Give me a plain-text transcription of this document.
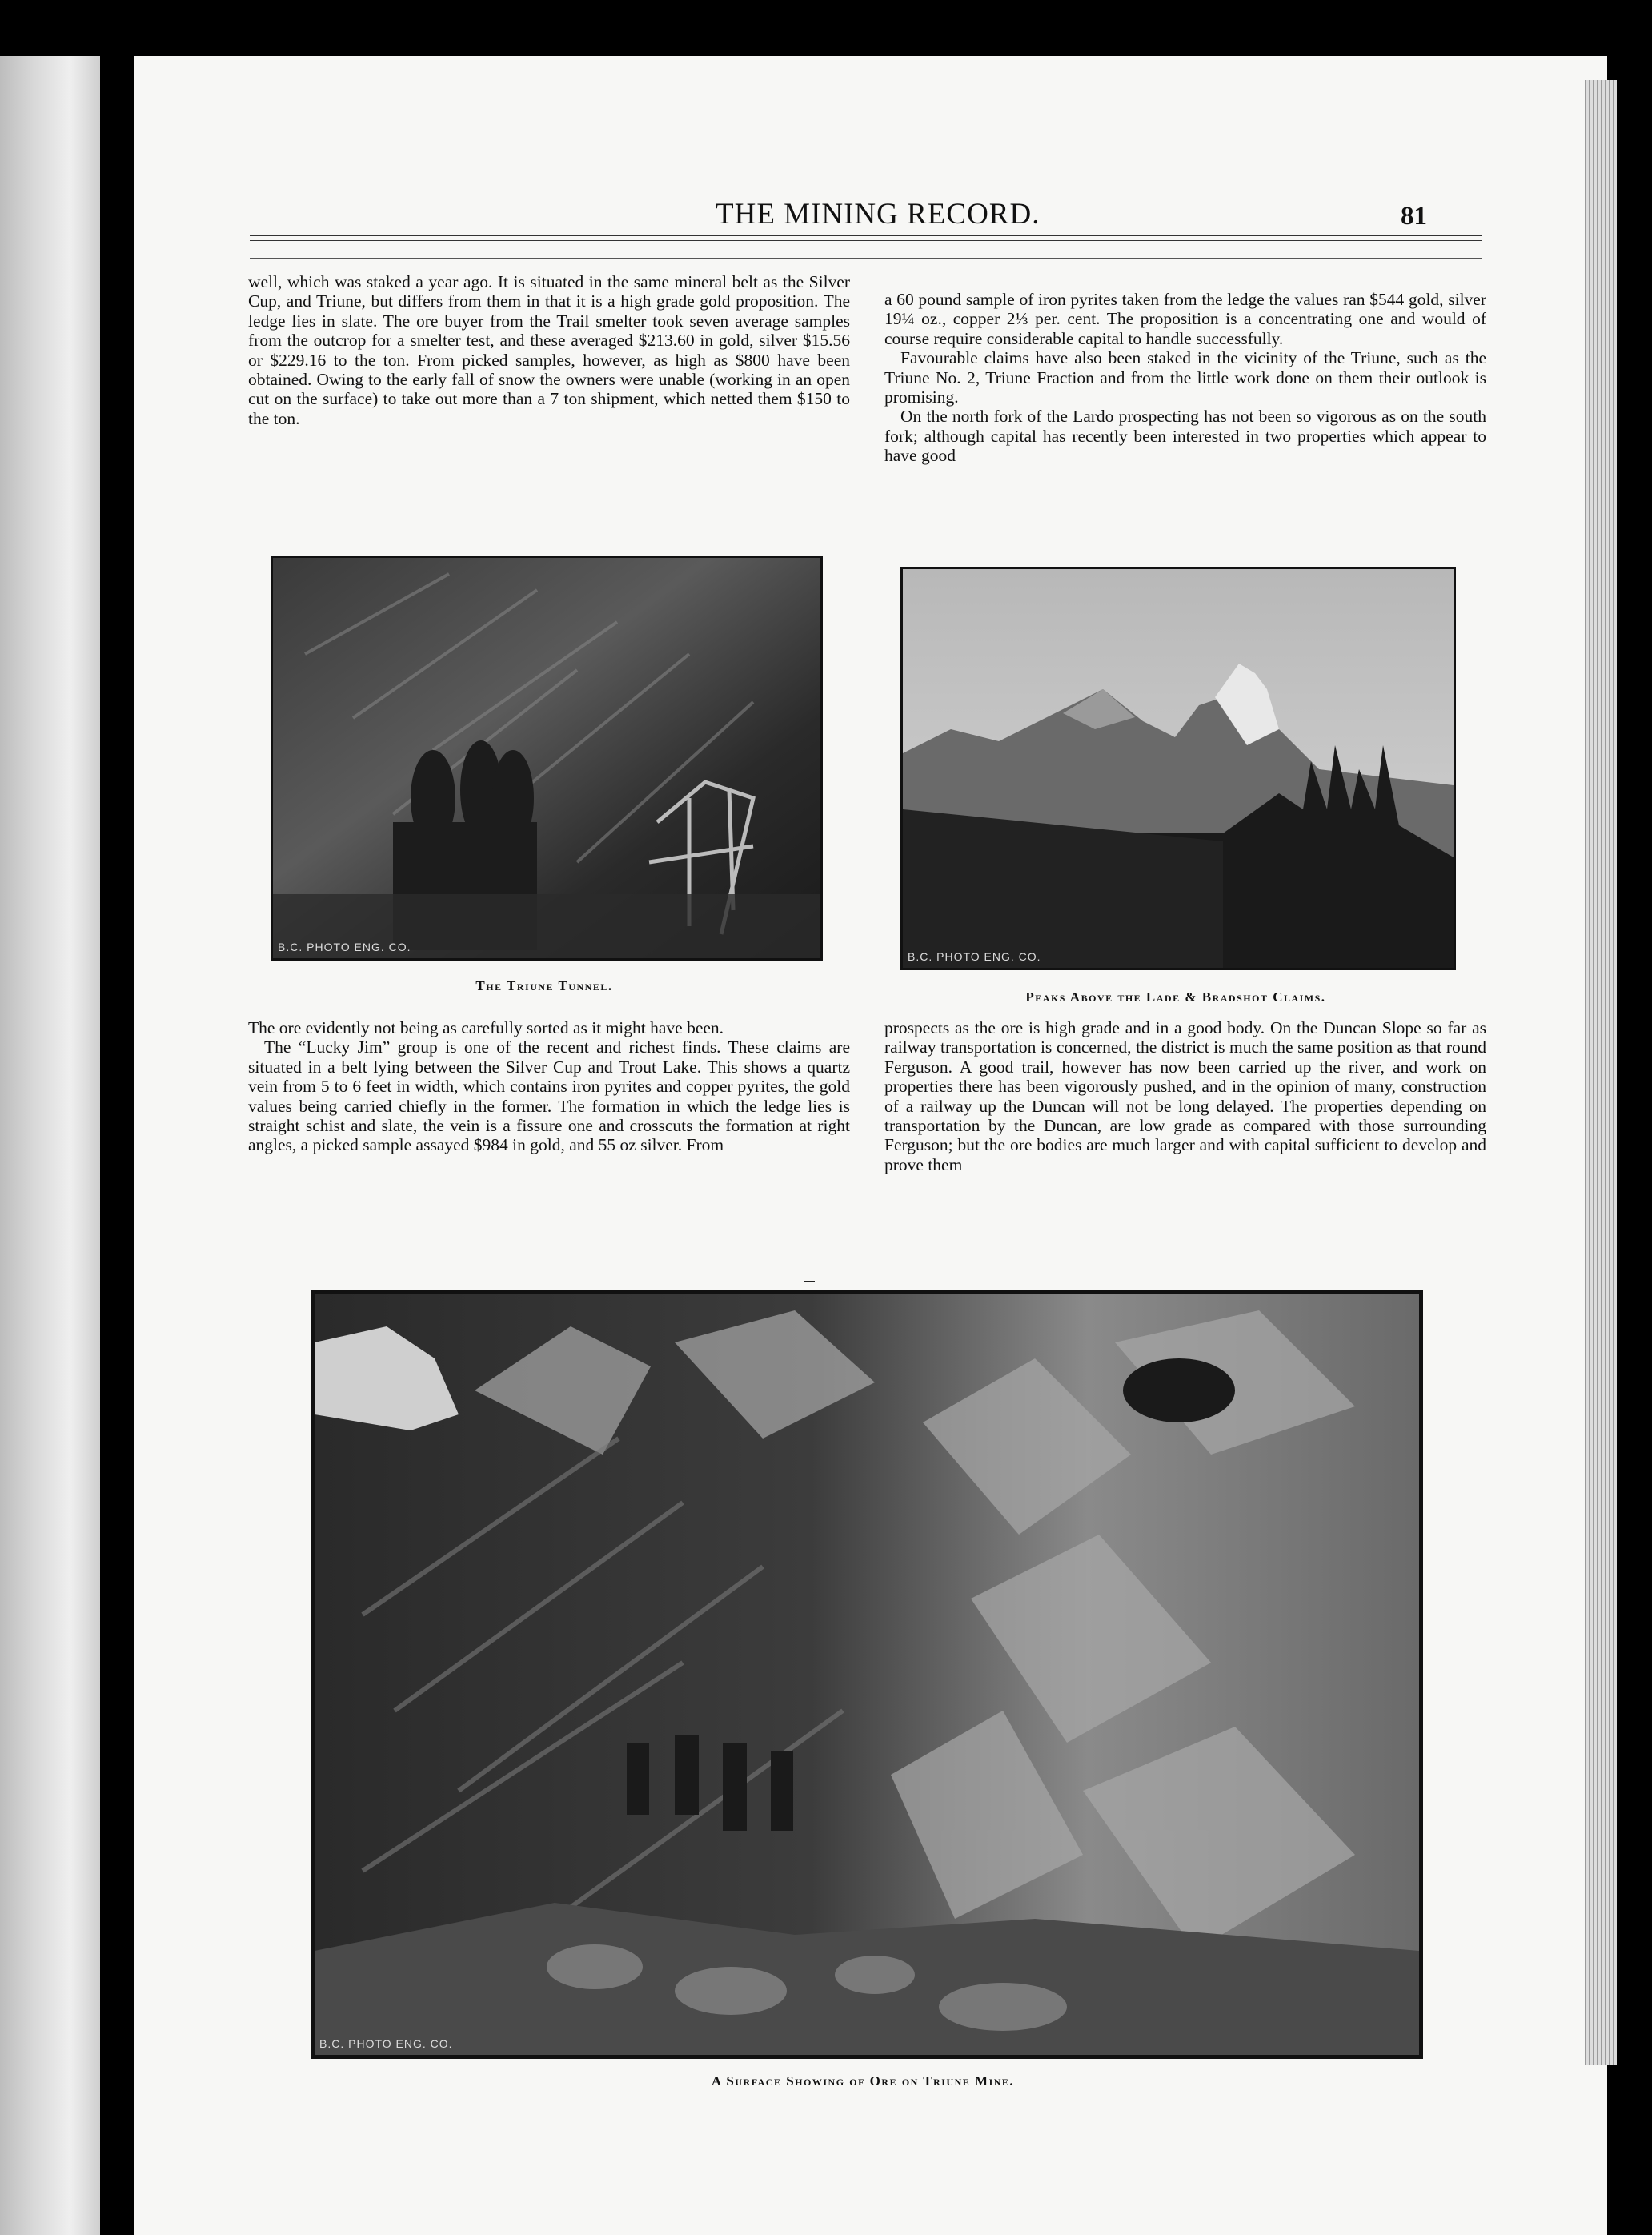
THE MINING RECORD.	81

well, which was staked a year ago. It is situated in the same mineral belt as the Silver Cup, and Triune, but differs from them in that it is a high grade gold proposition. The ledge lies in slate. The ore buyer from the Trail smelter took seven average samples from the outcrop for a smelter test, and these averaged $213.60 in gold, silver $15.56 or $229.16 to the ton. From picked samples, however, as high as $800 have been obtained. Owing to the early fall of snow the owners were unable (working in an open cut on the surface) to take out more than a 7 ton shipment, which netted them $150 to the ton.

a 60 pound sample of iron pyrites taken from the ledge the values ran $544 gold, silver 19¼ oz., copper 2⅓ per. cent. The proposition is a concentrating one and would of course require considerable capital to handle successfully.

Favourable claims have also been staked in the vicinity of the Triune, such as the Triune No. 2, Triune Fraction and from the little work done on them their outlook is promising.

On the north fork of the Lardo prospecting has not been so vigorous as on the south fork; although capital has recently been interested in two properties which appear to have good

B.C. PHOTO ENG. CO.
The Triune Tunnel.
B.C. PHOTO ENG. CO.
Peaks Above the Lade & Bradshot Claims.

The ore evidently not being as carefully sorted as it might have been.

The “Lucky Jim” group is one of the recent and richest finds. These claims are situated in a belt lying between the Silver Cup and Trout Lake. This shows a quartz vein from 5 to 6 feet in width, which contains iron pyrites and copper pyrites, the gold values being carried chiefly in the former. The formation in which the ledge lies is straight schist and slate, the vein is a fissure one and crosscuts the formation at right angles, a picked sample assayed $984 in gold, and 55 oz silver. From

prospects as the ore is high grade and in a good body. On the Duncan Slope so far as railway transportation is concerned, the district is much the same position as that round Ferguson. A good trail, however has now been carried up the river, and work on properties there has been vigorously pushed, and in the opinion of many, construction of a railway up the Duncan will not be long delayed. The properties depending on transportation by the Duncan, are low grade as compared with those surrounding Ferguson; but the ore bodies are much larger and with capital sufficient to develop and prove them

B.C. PHOTO ENG. CO.
A Surface Showing of Ore on Triune Mine.
